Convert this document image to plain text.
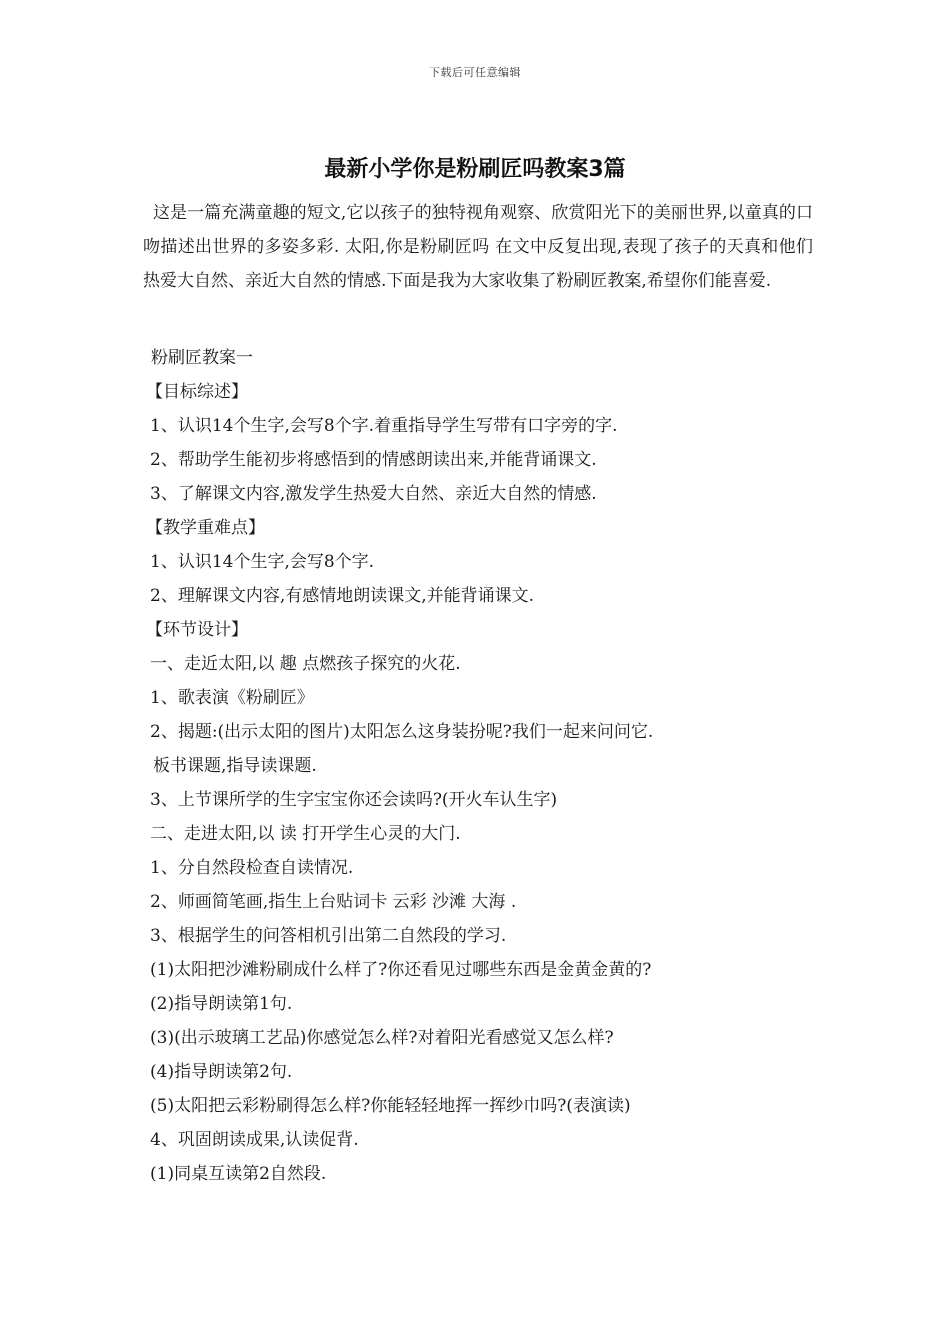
下载后可任意编辑
最新小学你是粉刷匠吗教案3篇

这是一篇充满童趣的短文,它以孩子的独特视角观察、欣赏阳光下的美丽世界,以童真的口吻描述出世界的多姿多彩. 太阳,你是粉刷匠吗 在文中反复出现,表现了孩子的天真和他们热爱大自然、亲近大自然的情感.下面是我为大家收集了粉刷匠教案,希望你们能喜爱.

粉刷匠教案一
【目标综述】
1、认识14个生字,会写8个字.着重指导学生写带有口字旁的字.
2、帮助学生能初步将感悟到的情感朗读出来,并能背诵课文.
3、了解课文内容,激发学生热爱大自然、亲近大自然的情感.
【教学重难点】
1、认识14个生字,会写8个字.
2、理解课文内容,有感情地朗读课文,并能背诵课文.
【环节设计】
一、走近太阳,以 趣 点燃孩子探究的火花.
1、歌表演《粉刷匠》
2、揭题:(出示太阳的图片)太阳怎么这身装扮呢?我们一起来问问它.
板书课题,指导读课题.
3、上节课所学的生字宝宝你还会读吗?(开火车认生字)
二、走进太阳,以 读 打开学生心灵的大门.
1、分自然段检查自读情况.
2、师画简笔画,指生上台贴词卡 云彩 沙滩 大海 .
3、根据学生的问答相机引出第二自然段的学习.
(1)太阳把沙滩粉刷成什么样了?你还看见过哪些东西是金黄金黄的?
(2)指导朗读第1句.
(3)(出示玻璃工艺品)你感觉怎么样?对着阳光看感觉又怎么样?
(4)指导朗读第2句.
(5)太阳把云彩粉刷得怎么样?你能轻轻地挥一挥纱巾吗?(表演读)
4、巩固朗读成果,认读促背.
(1)同桌互读第2自然段.
